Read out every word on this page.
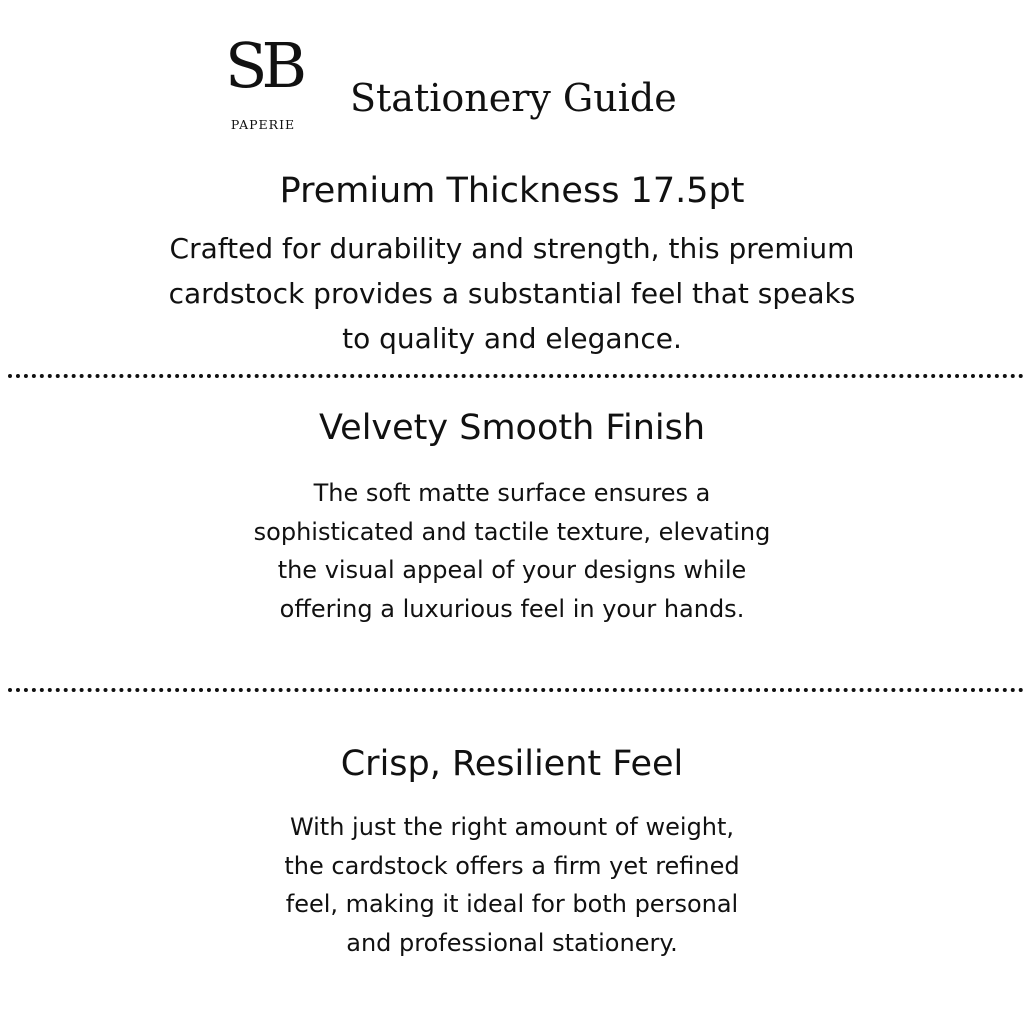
SB
PAPERIE
Stationery Guide
Premium Thickness 17.5pt

Crafted for durability and strength, this premium cardstock provides a substantial feel that speaks to quality and elegance.

Velvety Smooth Finish

The soft matte surface ensures a sophisticated and tactile texture, elevating the visual appeal of your designs while offering a luxurious feel in your hands.

Crisp, Resilient Feel

With just the right amount of weight, the cardstock offers a firm yet refined feel, making it ideal for both personal and professional stationery.
